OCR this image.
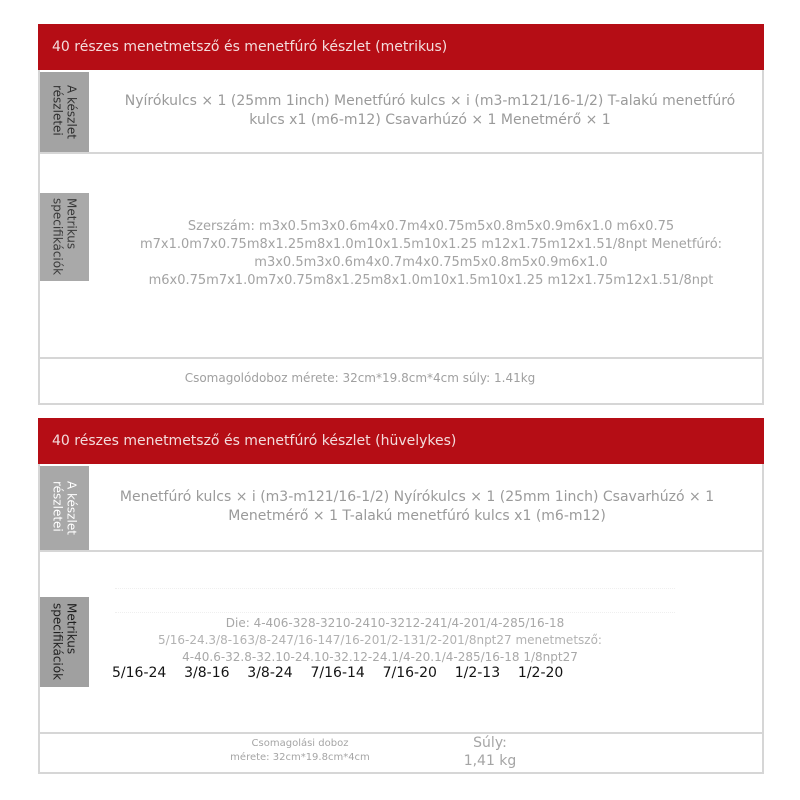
40 részes menetmetsző és menetfúró készlet (metrikus)
A készlet
részletei	Nyírókulcs × 1 (25mm 1inch) Menetfúró kulcs × i (m3-m121/16-1/2) T-alakú menetfúró kulcs x1 (m6-m12) Csavarhúzó × 1 Menetmérő × 1
Metrikus
specifikációk	Szerszám: m3x0.5m3x0.6m4x0.7m4x0.75m5x0.8m5x0.9m6x1.0 m6x0.75 m7x1.0m7x0.75m8x1.25m8x1.0m10x1.5m10x1.25 m12x1.75m12x1.51/8npt Menetfúró: m3x0.5m3x0.6m4x0.7m4x0.75m5x0.8m5x0.9m6x1.0 m6x0.75m7x1.0m7x0.75m8x1.25m8x1.0m10x1.5m10x1.25 m12x1.75m12x1.51/8npt
Csomagolódoboz mérete: 32cm*19.8cm*4cm súly: 1.41kg
40 részes menetmetsző és menetfúró készlet (hüvelykes)
A készlet
részletei	Menetfúró kulcs × i (m3-m121/16-1/2) Nyírókulcs × 1 (25mm 1inch) Csavarhúzó × 1 Menetmérő × 1 T-alakú menetfúró kulcs x1 (m6-m12)
Metrikus
specifikációk	Die: 4-406-328-3210-2410-3212-241/4-201/4-285/16-18
5/16-24.3/8-163/8-247/16-147/16-201/2-131/2-201/8npt27 menetmetsző:
4-40.6-32.8-32.10-24.10-32.12-24.1/4-20.1/4-285/16-18 1/8npt27
5/16-24    3/8-16    3/8-24    7/16-14    7/16-20    1/2-13    1/2-20
Csomagolási doboz
mérete: 32cm*19.8cm*4cm
Súly:
1,41 kg
